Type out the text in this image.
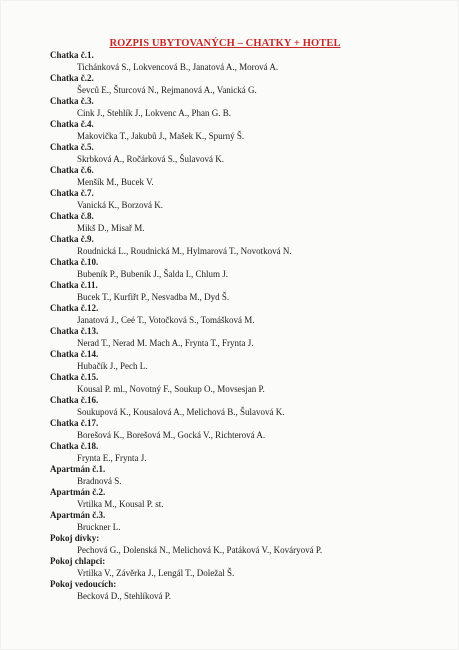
ROZPIS UBYTOVANÝCH – CHATKY + HOTEL
Chatka č.1.
Tichánková S., Lokvencová B., Janatová A., Morová A.
Chatka č.2.
Ševců E., Šturcová N., Rejmanová A., Vanická G.
Chatka č.3.
Cink J., Stehlík J., Lokvenc A., Phan G. B.
Chatka č.4.
Makovička T., Jakubů J., Mašek K., Spurný Š.
Chatka č.5.
Skrbková A., Ročárková S., Šulavová K.
Chatka č.6.
Menšík M., Bucek V.
Chatka č.7.
Vanická K., Borzová K.
Chatka č.8.
Mikš D., Misař M.
Chatka č.9.
Roudnická L., Roudnická M., Hylmarová T., Novotková N.
Chatka č.10.
Bubeník P., Bubeník J., Šalda I., Chlum J.
Chatka č.11.
Bucek T., Kurfiřt P., Nesvadba M., Dyd Š.
Chatka č.12.
Janatová J., Ceé T., Votočková S., Tomášková M.
Chatka č.13.
Nerad T., Nerad M. Mach A., Frynta T., Frynta J.
Chatka č.14.
Hubačík J., Pech L.
Chatka č.15.
Kousal P. ml., Novotný F., Soukup O., Movsesjan P.
Chatka č.16.
Soukupová K., Kousalová A., Melichová B., Šulavová K.
Chatka č.17.
Borešová K., Borešová M., Gocká V., Richterová A.
Chatka č.18.
Frynta E., Frynta J.
Apartmán č.1.
Bradnová S.
Apartmán č.2.
Vrtilka M., Kousal P. st.
Apartmán č.3.
Bruckner L.
Pokoj dívky:
Pechová G., Dolenská N., Melichová K., Patáková V., Kováryová P.
Pokoj chlapci:
Vrtilka V., Závěrka J., Lengál T., Doležal Š.
Pokoj vedoucích:
Becková D., Stehlíková P.
